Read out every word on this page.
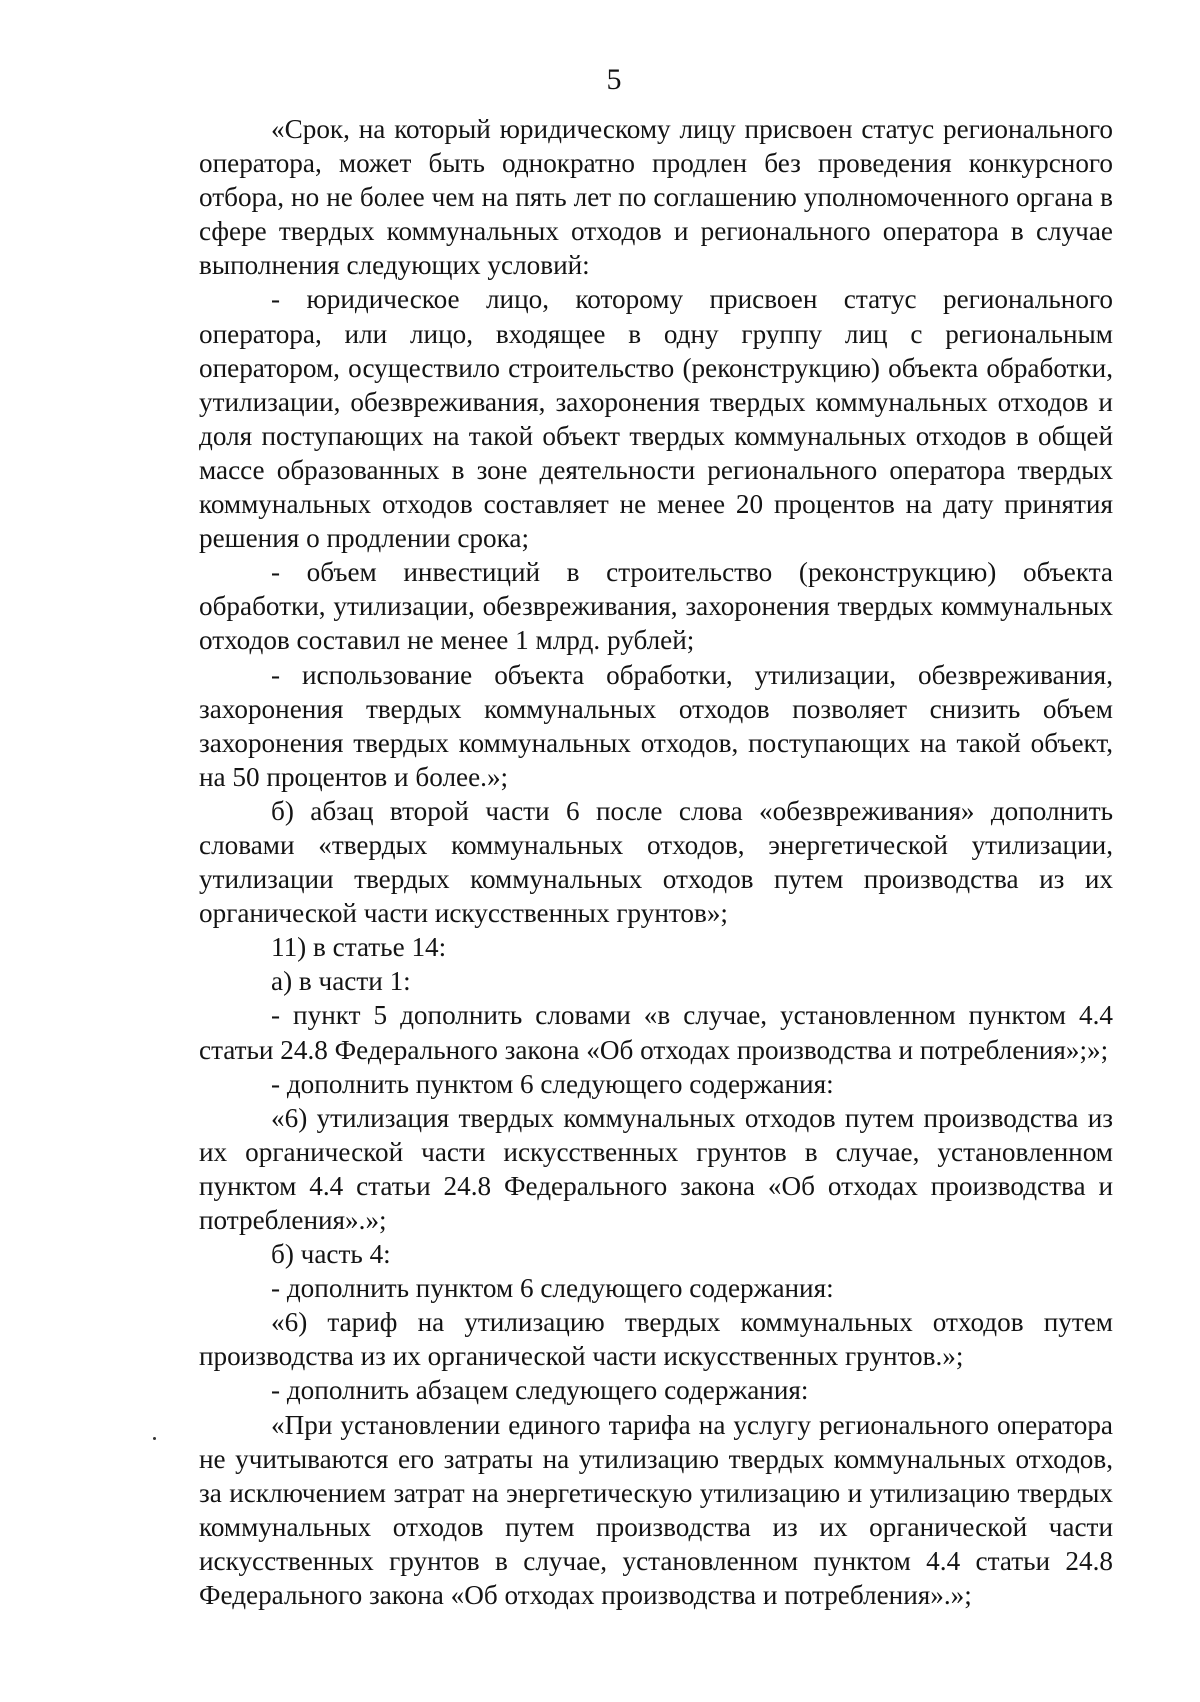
5

«Срок, на который юридическому лицу присвоен статус регионального оператора, может быть однократно продлен без проведения конкурсного отбора, но не более чем на пять лет по соглашению уполномоченного органа в сфере твердых коммунальных отходов и регионального оператора в случае выполнения следующих условий:

- юридическое лицо, которому присвоен статус регионального оператора, или лицо, входящее в одну группу лиц с региональным оператором, осуществило строительство (реконструкцию) объекта обработки, утилизации, обезвреживания, захоронения твердых коммунальных отходов и доля поступающих на такой объект твердых коммунальных отходов в общей массе образованных в зоне деятельности регионального оператора твердых коммунальных отходов составляет не менее 20 процентов на дату принятия решения о продлении срока;

- объем инвестиций в строительство (реконструкцию) объекта обработки, утилизации, обезвреживания, захоронения твердых коммунальных отходов составил не менее 1 млрд. рублей;

- использование объекта обработки, утилизации, обезвреживания, захоронения твердых коммунальных отходов позволяет снизить объем захоронения твердых коммунальных отходов, поступающих на такой объект, на 50 процентов и более.»;

б) абзац второй части 6 после слова «обезвреживания» дополнить словами «твердых коммунальных отходов, энергетической утилизации, утилизации твердых коммунальных отходов путем производства из их органической части искусственных грунтов»;

11) в статье 14:

а) в части 1:

- пункт 5 дополнить словами «в случае, установленном пунктом 4.4 статьи 24.8 Федерального закона «Об отходах производства и потребления»;»;

- дополнить пунктом 6 следующего содержания:

«6) утилизация твердых коммунальных отходов путем производства из их органической части искусственных грунтов в случае, установленном пунктом 4.4 статьи 24.8 Федерального закона «Об отходах производства и потребления».»;

б) часть 4:

- дополнить пунктом 6 следующего содержания:

«6) тариф на утилизацию твердых коммунальных отходов путем производства из их органической части искусственных грунтов.»;

- дополнить абзацем следующего содержания:

«При установлении единого тарифа на услугу регионального оператора не учитываются его затраты на утилизацию твердых коммунальных отходов, за исключением затрат на энергетическую утилизацию и утилизацию твердых коммунальных отходов путем производства из их органической части искусственных грунтов в случае, установленном пунктом 4.4 статьи 24.8 Федерального закона «Об отходах производства и потребления».»;
